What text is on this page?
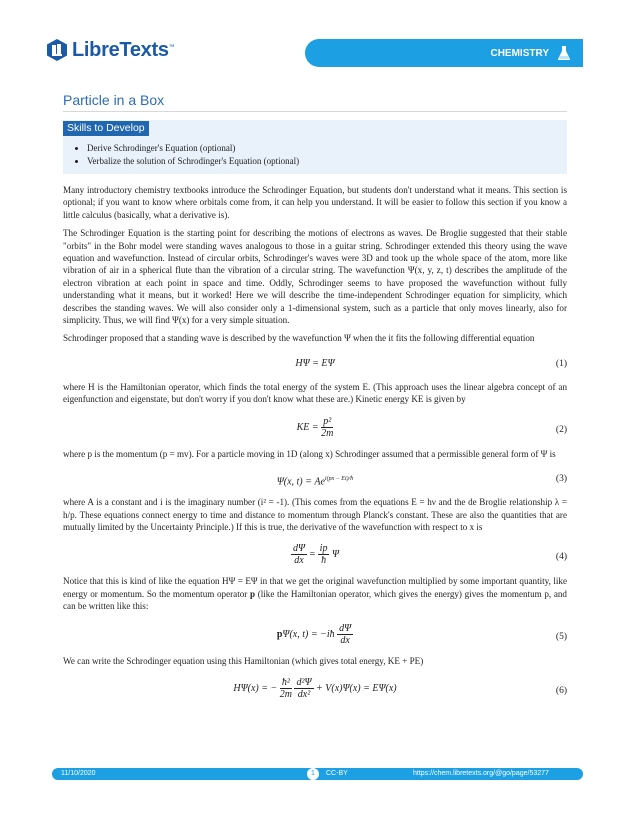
LibreTexts™
CHEMISTRY
Particle in a Box
Skills to Develop
• Derive Schrodinger's Equation (optional)
• Verbalize the solution of Schrodinger's Equation (optional)

Many introductory chemistry textbooks introduce the Schrodinger Equation, but students don't understand what it means. This section is optional; if you want to know where orbitals come from, it can help you understand. It will be easier to follow this section if you know a little calculus (basically, what a derivative is).

The Schrodinger Equation is the starting point for describing the motions of electrons as waves. De Broglie suggested that their stable "orbits" in the Bohr model were standing waves analogous to those in a guitar string. Schrodinger extended this theory using the wave equation and wavefunction. Instead of circular orbits, Schrodinger's waves were 3D and took up the whole space of the atom, more like vibration of air in a spherical flute than the vibration of a circular string. The wavefunction Ψ(x, y, z, t) describes the amplitude of the electron vibration at each point in space and time. Oddly, Schrodinger seems to have proposed the wavefunction without fully understanding what it means, but it worked! Here we will describe the time-independent Schrodinger equation for simplicity, which describes the standing waves. We will also consider only a 1-dimensional system, such as a particle that only moves linearly, also for simplicity. Thus, we will find Ψ(x) for a very simple situation.

Schrodinger proposed that a standing wave is described by the wavefunction Ψ when the it fits the following differential equation

HΨ = EΨ	(1)

where H is the Hamiltonian operator, which finds the total energy of the system E. (This approach uses the linear algebra concept of an eigenfunction and eigenstate, but don't worry if you don't know what these are.) Kinetic energy KE is given by

KE = $\frac{\text{p²}}{2m}$	(2)

where p is the momentum (p = mv). For a particle moving in 1D (along x) Schrodinger assumed that a permissible general form of Ψ is

Ψ(x, $t) = Ae^{i(px - Et)/ħ}$	(3)

where A is a constant and i is the imaginary number (i² = -1). (This comes from the equations E = hν and the de Broglie relationship λ = h/p. These equations connect energy to time and distance to momentum through Planck's constant. These are also the quantities that are mutually limited by the Uncertainty Principle.) If this is true, the derivative of the wavefunction with respect to x is

$\frac{d\Psi}{dx} = \frac{ip}{ħ}$ Ψ	(4)

Notice that this is kind of like the equation HΨ = EΨ in that we get the original wavefunction multiplied by some important quantity, like energy or momentum. So the momentum operator p (like the Hamiltonian operator, which gives the energy) gives the momentum p, and can be written like this:

pΨ(x, t) = −iħ $\frac{d\Psi}{dx}$	(5)

We can write the Schrodinger equation using this Hamiltonian (which gives total energy, KE + PE)

HΨ(x) = − $\frac{\text{ħ²}}{2m}$
$\frac{\text{d²Ψ}}{\text{dx²}} + V(x)\Psi(x) = E\Psi(x)$	(6)
11/10/2020	1	CC-BY	https://chem.libretexts.org/@go/page/53277
